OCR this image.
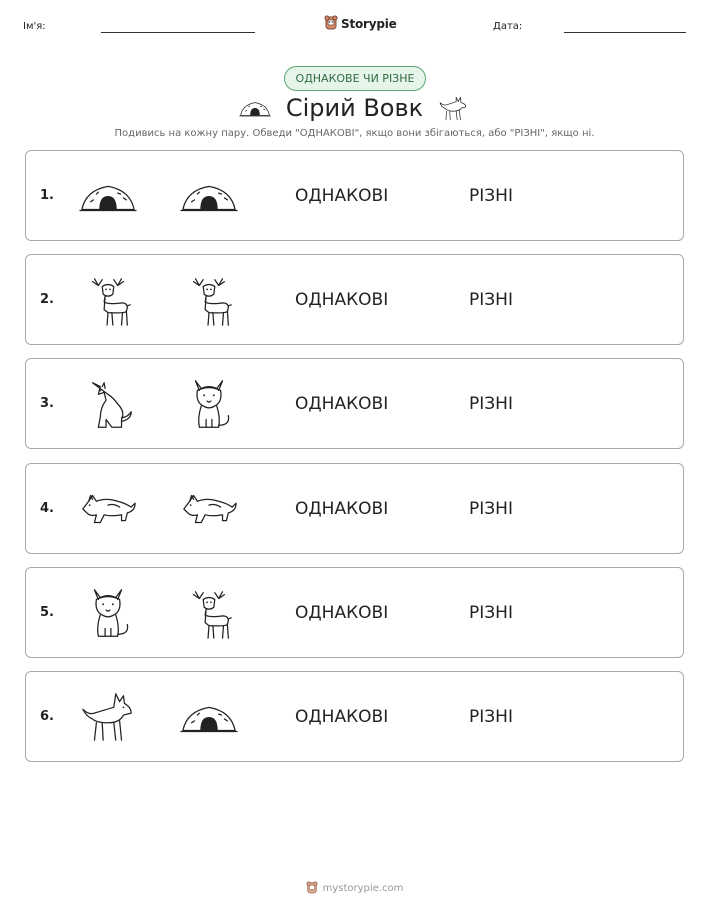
Ім'я:	Storypie	Дата:
ОДНАКОВЕ ЧИ РІЗНЕ
Сірий Вовк
Подивись на кожну пару. Обведи "ОДНАКОВІ", якщо вони збігаються, або "РІЗНІ", якщо ні.
1.	ОДНАКОВІ	РІЗНІ
2.	ОДНАКОВІ	РІЗНІ
3.	ОДНАКОВІ	РІЗНІ
4.	ОДНАКОВІ	РІЗНІ
5.	ОДНАКОВІ	РІЗНІ
6.	ОДНАКОВІ	РІЗНІ
mystorypie.com
